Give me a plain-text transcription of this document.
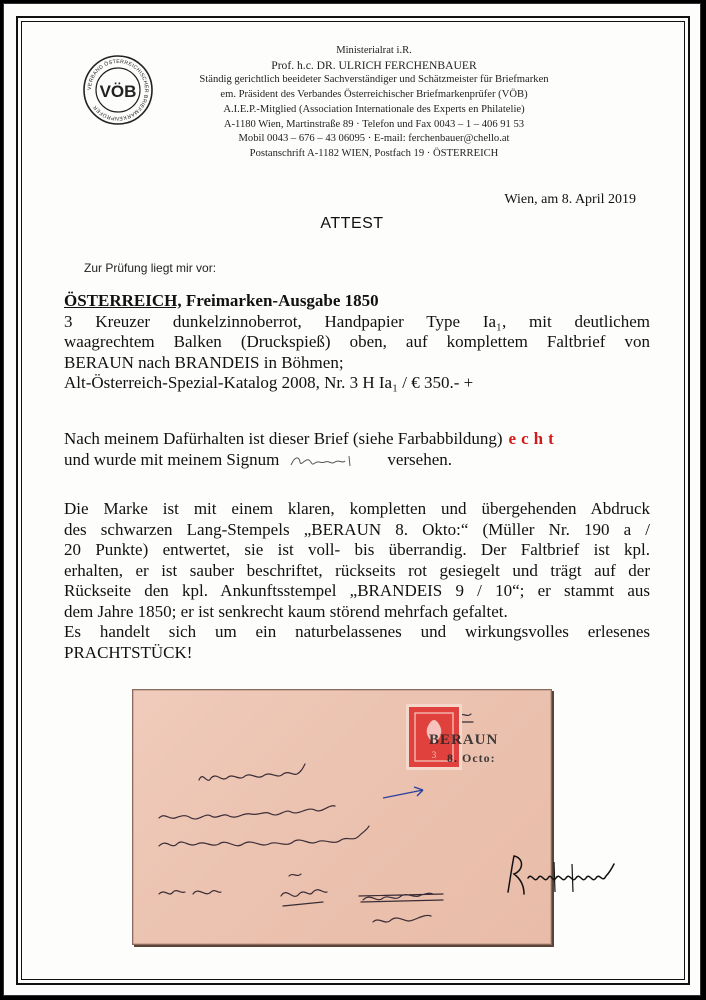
VERBAND ÖSTERREICHISCHER BRIEFMARKENPRÜFER
VÖB
Ministerialrat i.R.
Prof. h.c. DR. ULRICH FERCHENBAUER
Ständig gerichtlich beeideter Sachverständiger und Schätzmeister für Briefmarken
em. Präsident des Verbandes Österreichischer Briefmarkenprüfer (VÖB)
A.I.E.P.-Mitglied (Association Internationale des Experts en Philatelie)
A-1180 Wien, Martinstraße 89 · Telefon und Fax 0043 – 1 – 406 91 53
Mobil 0043 – 676 – 43 06095 · E-mail: ferchenbauer@chello.at
Postanschrift A-1182 WIEN, Postfach 19 · ÖSTERREICH
Wien, am 8. April 2019
ATTEST
Zur Prüfung liegt mir vor:
ÖSTERREICH, Freimarken-Ausgabe 1850
3 Kreuzer dunkelzinnoberrot, Handpapier Type Ia₁, mit deutlichem
waagrechtem Balken (Druckspieß) oben, auf komplettem Faltbrief von
BERAUN nach BRANDEIS in Böhmen;
Alt-Österreich-Spezial-Katalog 2008, Nr. 3 H Ia₁ / € 350.- +
Nach meinem Dafürhalten ist dieser Brief (siehe Farbabbildung) echt
und wurde mit meinem Signum	versehen.
Die Marke ist mit einem klaren, kompletten und übergehenden Abdruck
des schwarzen Lang-Stempels „BERAUN 8. Okto:“ (Müller Nr. 190 a /
20 Punkte) entwertet, sie ist voll- bis überrandig. Der Faltbrief ist kpl.
erhalten, er ist sauber beschriftet, rückseits rot gesiegelt und trägt auf der
Rückseite den kpl. Ankunftsstempel „BRANDEIS 9 / 10“; er stammt aus
dem Jahre 1850; er ist senkrecht kaum störend mehrfach gefaltet.
Es handelt sich um ein naturbelassenes und wirkungsvolles erlesenes
PRACHTSTÜCK!
3
BERAUN
8. Octo:
